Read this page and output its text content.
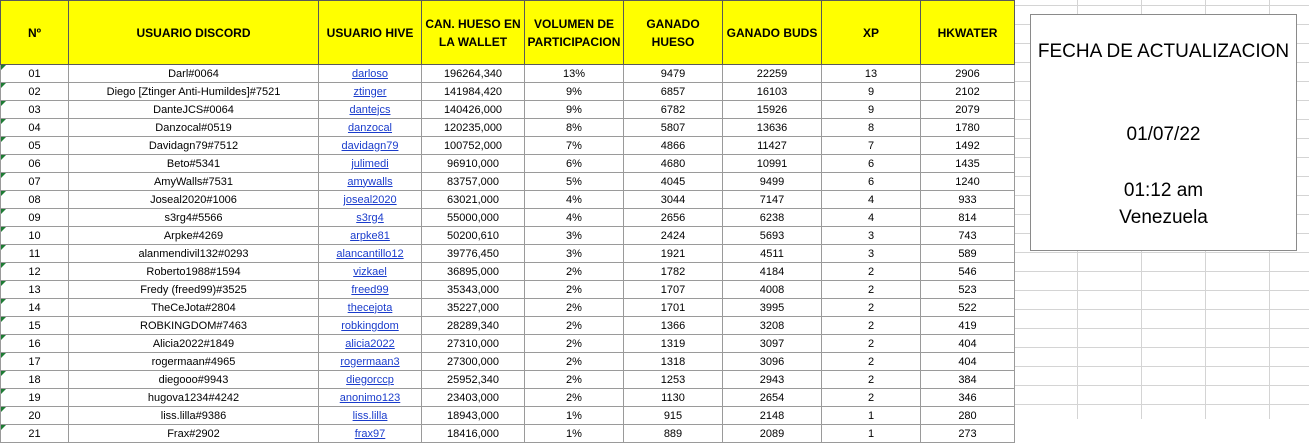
Nº	USUARIO DISCORD	USUARIO HIVE	CAN. HUESO EN LA WALLET	VOLUMEN DE PARTICIPACION	GANADO HUESO	GANADO BUDS	XP	HKWATER
01	Darl#0064	darloso	196264,340	13%	9479	22259	13	2906
02	Diego [Ztinger Anti-Humildes]#7521	ztinger	141984,420	9%	6857	16103	9	2102
03	DanteJCS#0064	dantejcs	140426,000	9%	6782	15926	9	2079
04	Danzocal#0519	danzocal	120235,000	8%	5807	13636	8	1780
05	Davidagn79#7512	davidagn79	100752,000	7%	4866	11427	7	1492
06	Beto#5341	julimedi	96910,000	6%	4680	10991	6	1435
07	AmyWalls#7531	amywalls	83757,000	5%	4045	9499	6	1240
08	Joseal2020#1006	joseal2020	63021,000	4%	3044	7147	4	933
09	s3rg4#5566	s3rg4	55000,000	4%	2656	6238	4	814
10	Arpke#4269	arpke81	50200,610	3%	2424	5693	3	743
11	alanmendivil132#0293	alancantillo12	39776,450	3%	1921	4511	3	589
12	Roberto1988#1594	vizkael	36895,000	2%	1782	4184	2	546
13	Fredy (freed99)#3525	freed99	35343,000	2%	1707	4008	2	523
14	TheCeJota#2804	thecejota	35227,000	2%	1701	3995	2	522
15	ROBKINGDOM#7463	robkingdom	28289,340	2%	1366	3208	2	419
16	Alicia2022#1849	alicia2022	27310,000	2%	1319	3097	2	404
17	rogermaan#4965	rogermaan3	27300,000	2%	1318	3096	2	404
18	diegooo#9943	diegorccp	25952,340	2%	1253	2943	2	384
19	hugova1234#4242	anonimo123	23403,000	2%	1130	2654	2	346
20	liss.lilla#9386	liss.lilla	18943,000	1%	915	2148	1	280
21	Frax#2902	frax97	18416,000	1%	889	2089	1	273
FECHA DE ACTUALIZACION
01/07/22
01:12 am
Venezuela
